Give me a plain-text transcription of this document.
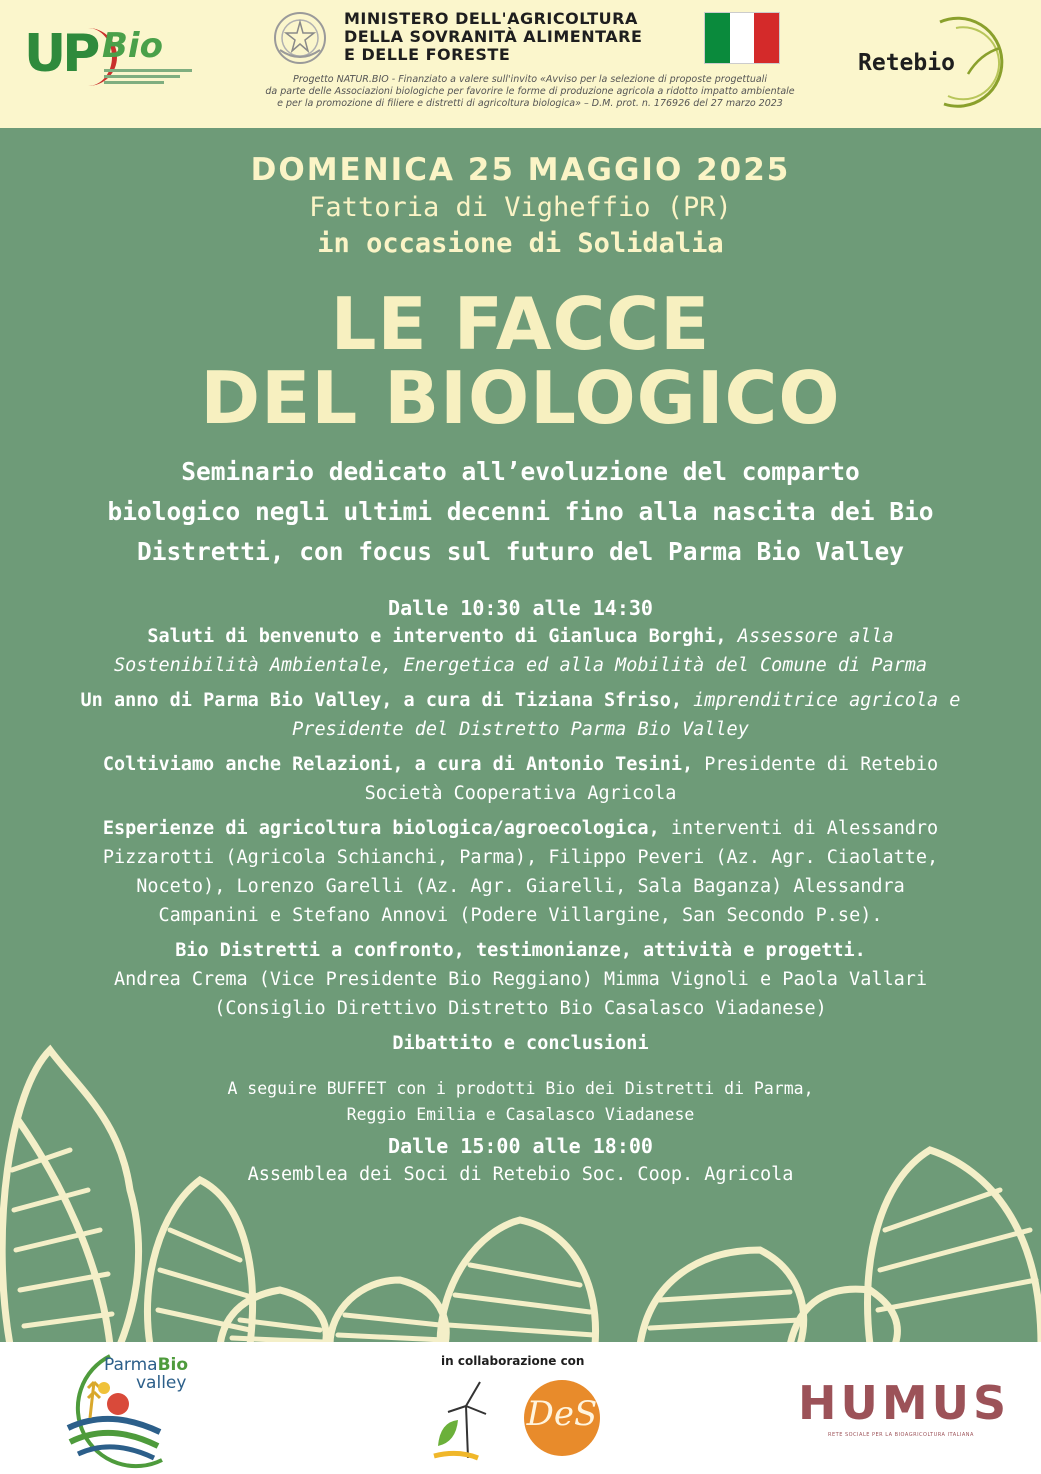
UP Bio
MINISTERO DELL'AGRICOLTURA
DELLA SOVRANITÀ ALIMENTARE
E DELLE FORESTE	Retebio
Progetto NATUR.BIO - Finanziato a valere sull'invito «Avviso per la selezione di proposte progettuali
da parte delle Associazioni biologiche per favorire le forme di produzione agricola a ridotto impatto ambientale
e per la promozione di filiere e distretti di agricoltura biologica» – D.M. prot. n. 176926 del 27 marzo 2023
DOMENICA 25 MAGGIO 2025
Fattoria di Vigheffio (PR)
in occasione di Solidalia
LE FACCE
DEL BIOLOGICO
Seminario dedicato all’evoluzione del comparto
biologico negli ultimi decenni fino alla nascita dei Bio
Distretti, con focus sul futuro del Parma Bio Valley
Dalle 10:30 alle 14:30
Saluti di benvenuto e intervento di Gianluca Borghi, Assessore alla
Sostenibilità Ambientale, Energetica ed alla Mobilità del Comune di Parma
Un anno di Parma Bio Valley, a cura di Tiziana Sfriso, imprenditrice agricola e
Presidente del Distretto Parma Bio Valley
Coltiviamo anche Relazioni, a cura di Antonio Tesini, Presidente di Retebio
Società Cooperativa Agricola
Esperienze di agricoltura biologica/agroecologica, interventi di Alessandro
Pizzarotti (Agricola Schianchi, Parma), Filippo Peveri (Az. Agr. Ciaolatte,
Noceto), Lorenzo Garelli (Az. Agr. Giarelli, Sala Baganza) Alessandra
Campanini e Stefano Annovi (Podere Villargine, San Secondo P.se).
Bio Distretti a confronto, testimonianze, attività e progetti.
Andrea Crema (Vice Presidente Bio Reggiano) Mimma Vignoli e Paola Vallari
(Consiglio Direttivo Distretto Bio Casalasco Viadanese)
Dibattito e conclusioni
A seguire BUFFET con i prodotti Bio dei Distretti di Parma,
Reggio Emilia e Casalasco Viadanese
Dalle 15:00 alle 18:00
Assemblea dei Soci di Retebio Soc. Coop. Agricola
ParmaBio
valley
in collaborazione con
DeS	HUMUS
RETE SOCIALE PER LA BIOAGRICOLTURA ITALIANA
